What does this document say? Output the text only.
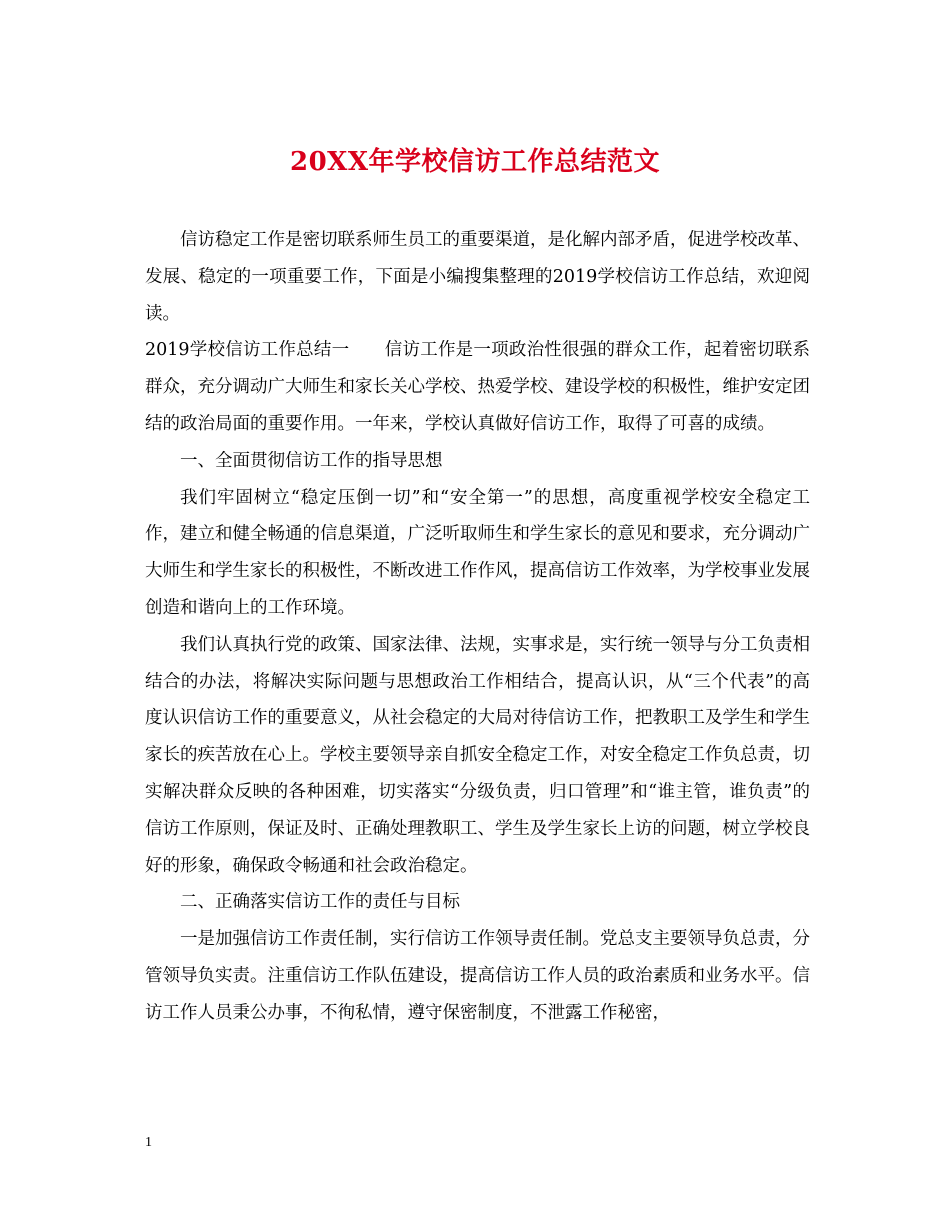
20XX年学校信访工作总结范文

信访稳定工作是密切联系师生员工的重要渠道，是化解内部矛盾，促进学校改革、发展、稳定的一项重要工作，下面是小编搜集整理的2019学校信访工作总结，欢迎阅读。

2019学校信访工作总结一　　信访工作是一项政治性很强的群众工作，起着密切联系群众，充分调动广大师生和家长关心学校、热爱学校、建设学校的积极性，维护安定团结的政治局面的重要作用。一年来，学校认真做好信访工作，取得了可喜的成绩。

一、全面贯彻信访工作的指导思想

我们牢固树立“稳定压倒一切”和“安全第一”的思想，高度重视学校安全稳定工作，建立和健全畅通的信息渠道，广泛听取师生和学生家长的意见和要求，充分调动广大师生和学生家长的积极性，不断改进工作作风，提高信访工作效率，为学校事业发展创造和谐向上的工作环境。

我们认真执行党的政策、国家法律、法规，实事求是，实行统一领导与分工负责相结合的办法，将解决实际问题与思想政治工作相结合，提高认识，从“三个代表”的高度认识信访工作的重要意义，从社会稳定的大局对待信访工作，把教职工及学生和学生家长的疾苦放在心上。学校主要领导亲自抓安全稳定工作，对安全稳定工作负总责，切实解决群众反映的各种困难，切实落实“分级负责，归口管理”和“谁主管，谁负责”的信访工作原则，保证及时、正确处理教职工、学生及学生家长上访的问题，树立学校良好的形象，确保政令畅通和社会政治稳定。

二、正确落实信访工作的责任与目标

一是加强信访工作责任制，实行信访工作领导责任制。党总支主要领导负总责，分管领导负实责。注重信访工作队伍建设，提高信访工作人员的政治素质和业务水平。信访工作人员秉公办事，不徇私情，遵守保密制度，不泄露工作秘密，

1
